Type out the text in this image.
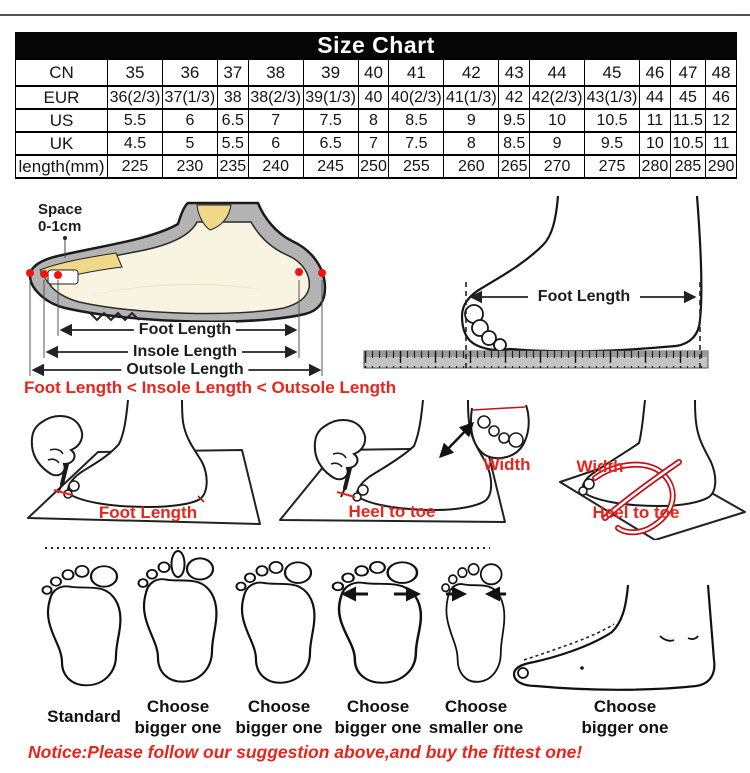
Size Chart
CN	35	36	37	38	39	40	41	42	43	44	45	46	47	48
EUR	36(2/3)	37(1/3)	38	38(2/3)	39(1/3)	40	40(2/3)	41(1/3)	42	42(2/3)	43(1/3)	44	45	46
US	5.5	6	6.5	7	7.5	8	8.5	9	9.5	10	10.5	11	11.5	12
UK	4.5	5	5.5	6	6.5	7	7.5	8	8.5	9	9.5	10	10.5	11
length(mm)	225	230	235	240	245	250	255	260	265	270	275	280	285	290
Space
0-1cm
Foot Length
Insole Length
Outsole Length
Foot Length < Insole Length < Outsole Length
Foot Length
Foot Length	Heel to toe
Width	Width
Heel to toe
Standard
Choose
bigger one
Choose
bigger one
Choose
bigger one
Choose
smaller one
Choose
bigger one
Notice:Please follow our suggestion above,and buy the fittest one!
